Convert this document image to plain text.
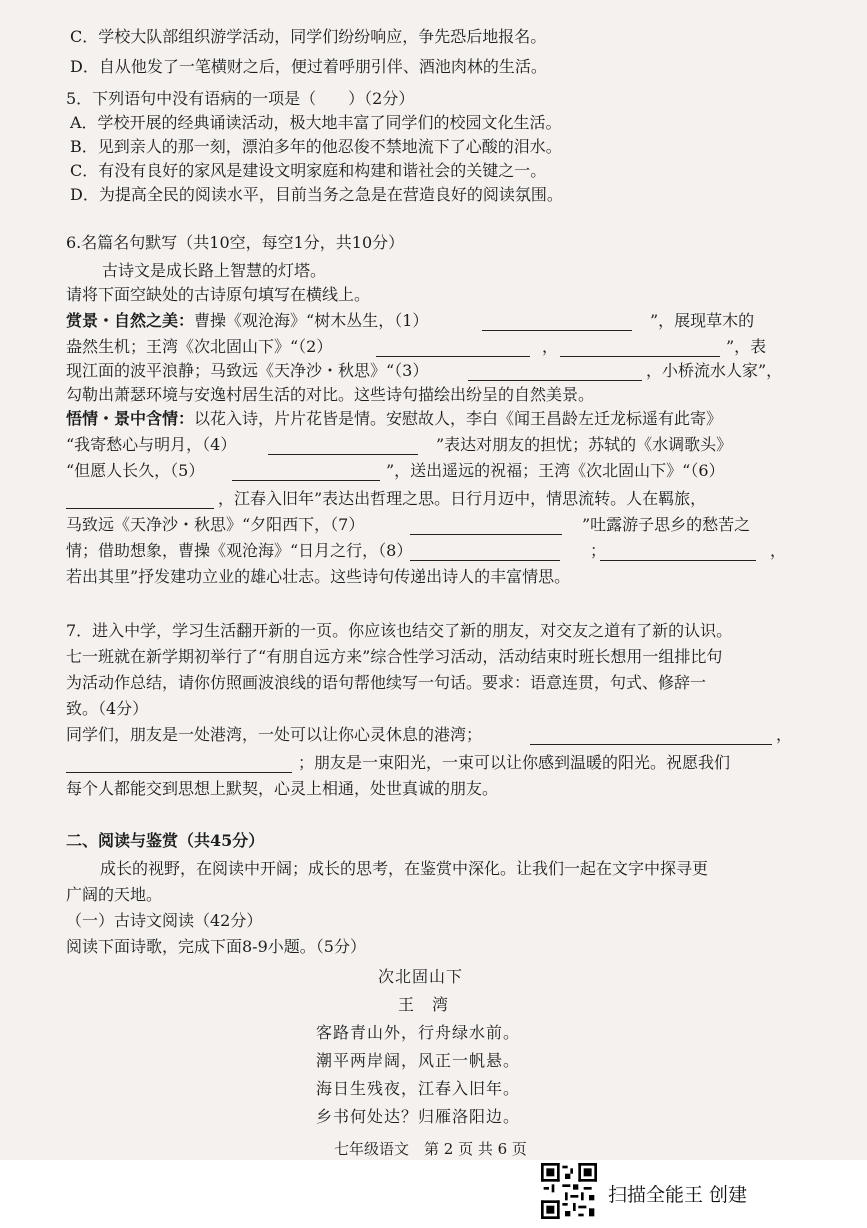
C．学校大队部组织游学活动，同学们纷纷响应，争先恐后地报名。
D．自从他发了一笔横财之后，便过着呼朋引伴、酒池肉林的生活。
5．下列语句中没有语病的一项是（　　）（2分）
A．学校开展的经典诵读活动，极大地丰富了同学们的校园文化生活。
B．见到亲人的那一刻，漂泊多年的他忍俊不禁地流下了心酸的泪水。
C．有没有良好的家风是建设文明家庭和构建和谐社会的关键之一。
D．为提高全民的阅读水平，目前当务之急是在营造良好的阅读氛围。
6.名篇名句默写（共10空，每空1分，共10分）
古诗文是成长路上智慧的灯塔。
请将下面空缺处的古诗原句填写在横线上。
赏景・自然之美：曹操《观沧海》“树木丛生，（1）	”，展现草木的
盎然生机；王湾《次北固山下》“（2）	，	”，表
现江面的波平浪静；马致远《天净沙・秋思》“（3）	，小桥流水人家”，
勾勒出萧瑟环境与安逸村居生活的对比。这些诗句描绘出纷呈的自然美景。
悟情・景中含情：以花入诗，片片花皆是情。安慰故人，李白《闻王昌龄左迁龙标遥有此寄》
“我寄愁心与明月，（4）	”表达对朋友的担忧；苏轼的《水调歌头》
“但愿人长久，（5）	”，送出遥远的祝福；王湾《次北固山下》“（6）
，江春入旧年”表达出哲理之思。日行月迈中，情思流转。人在羁旅，
马致远《天净沙・秋思》“夕阳西下，（7）	”吐露游子思乡的愁苦之
情；借助想象，曹操《观沧海》“日月之行，（8）	；	，
若出其里”抒发建功立业的雄心壮志。这些诗句传递出诗人的丰富情思。
7．进入中学，学习生活翻开新的一页。你应该也结交了新的朋友，对交友之道有了新的认识。
七一班就在新学期初举行了“有朋自远方来”综合性学习活动，活动结束时班长想用一组排比句
为活动作总结，请你仿照画波浪线的语句帮他续写一句话。要求：语意连贯，句式、修辞一
致。（4分）
同学们，朋友是一处港湾，一处可以让你心灵休息的港湾；	，
；朋友是一束阳光，一束可以让你感到温暖的阳光。祝愿我们
每个人都能交到思想上默契，心灵上相通，处世真诚的朋友。
二、阅读与鉴赏（共45分）
成长的视野，在阅读中开阔；成长的思考，在鉴赏中深化。让我们一起在文字中探寻更
广阔的天地。
（一）古诗文阅读（42分）
阅读下面诗歌，完成下面8-9小题。（5分）
次北固山下
王　湾
客路青山外，行舟绿水前。
潮平两岸阔，风正一帆悬。
海日生残夜，江春入旧年。
乡书何处达？归雁洛阳边。
七年级语文　第 2 页 共 6 页
扫描全能王 创建
